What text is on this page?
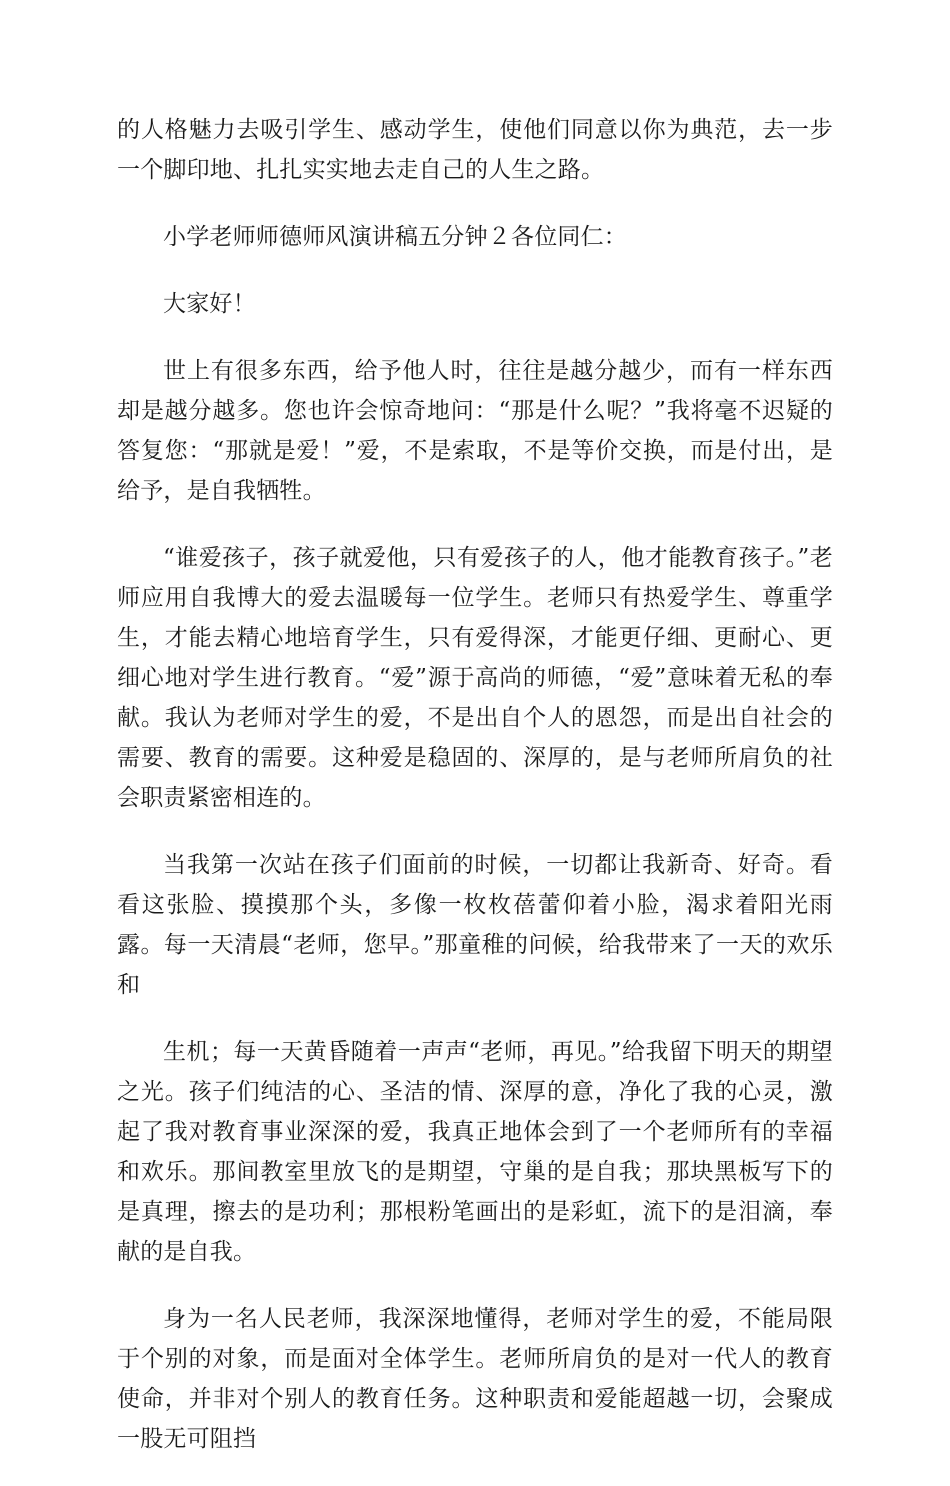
的人格魅力去吸引学生、感动学生，使他们同意以你为典范，去一步一个脚印地、扎扎实实地去走自己的人生之路。

小学老师师德师风演讲稿五分钟２各位同仁：

大家好！

世上有很多东西，给予他人时，往往是越分越少，而有一样东西却是越分越多。您也许会惊奇地问：“那是什么呢？”我将毫不迟疑的答复您：“那就是爱！”爱，不是索取，不是等价交换，而是付出，是给予，是自我牺牲。

“谁爱孩子，孩子就爱他，只有爱孩子的人，他才能教育孩子。”老师应用自我博大的爱去温暖每一位学生。老师只有热爱学生、尊重学生，才能去精心地培育学生，只有爱得深，才能更仔细、更耐心、更细心地对学生进行教育。“爱”源于高尚的师德，“爱”意味着无私的奉献。我认为老师对学生的爱，不是出自个人的恩怨，而是出自社会的需要、教育的需要。这种爱是稳固的、深厚的，是与老师所肩负的社会职责紧密相连的。

当我第一次站在孩子们面前的时候，一切都让我新奇、好奇。看看这张脸、摸摸那个头，多像一枚枚蓓蕾仰着小脸，渴求着阳光雨露。每一天清晨“老师，您早。”那童稚的问候，给我带来了一天的欢乐和

生机；每一天黄昏随着一声声“老师，再见。”给我留下明天的期望之光。孩子们纯洁的心、圣洁的情、深厚的意，净化了我的心灵，激起了我对教育事业深深的爱，我真正地体会到了一个老师所有的幸福和欢乐。那间教室里放飞的是期望，守巢的是自我；那块黑板写下的是真理，擦去的是功利；那根粉笔画出的是彩虹，流下的是泪滴，奉献的是自我。

身为一名人民老师，我深深地懂得，老师对学生的爱，不能局限于个别的对象，而是面对全体学生。老师所肩负的是对一代人的教育使命，并非对个别人的教育任务。这种职责和爱能超越一切，会聚成一股无可阻挡
